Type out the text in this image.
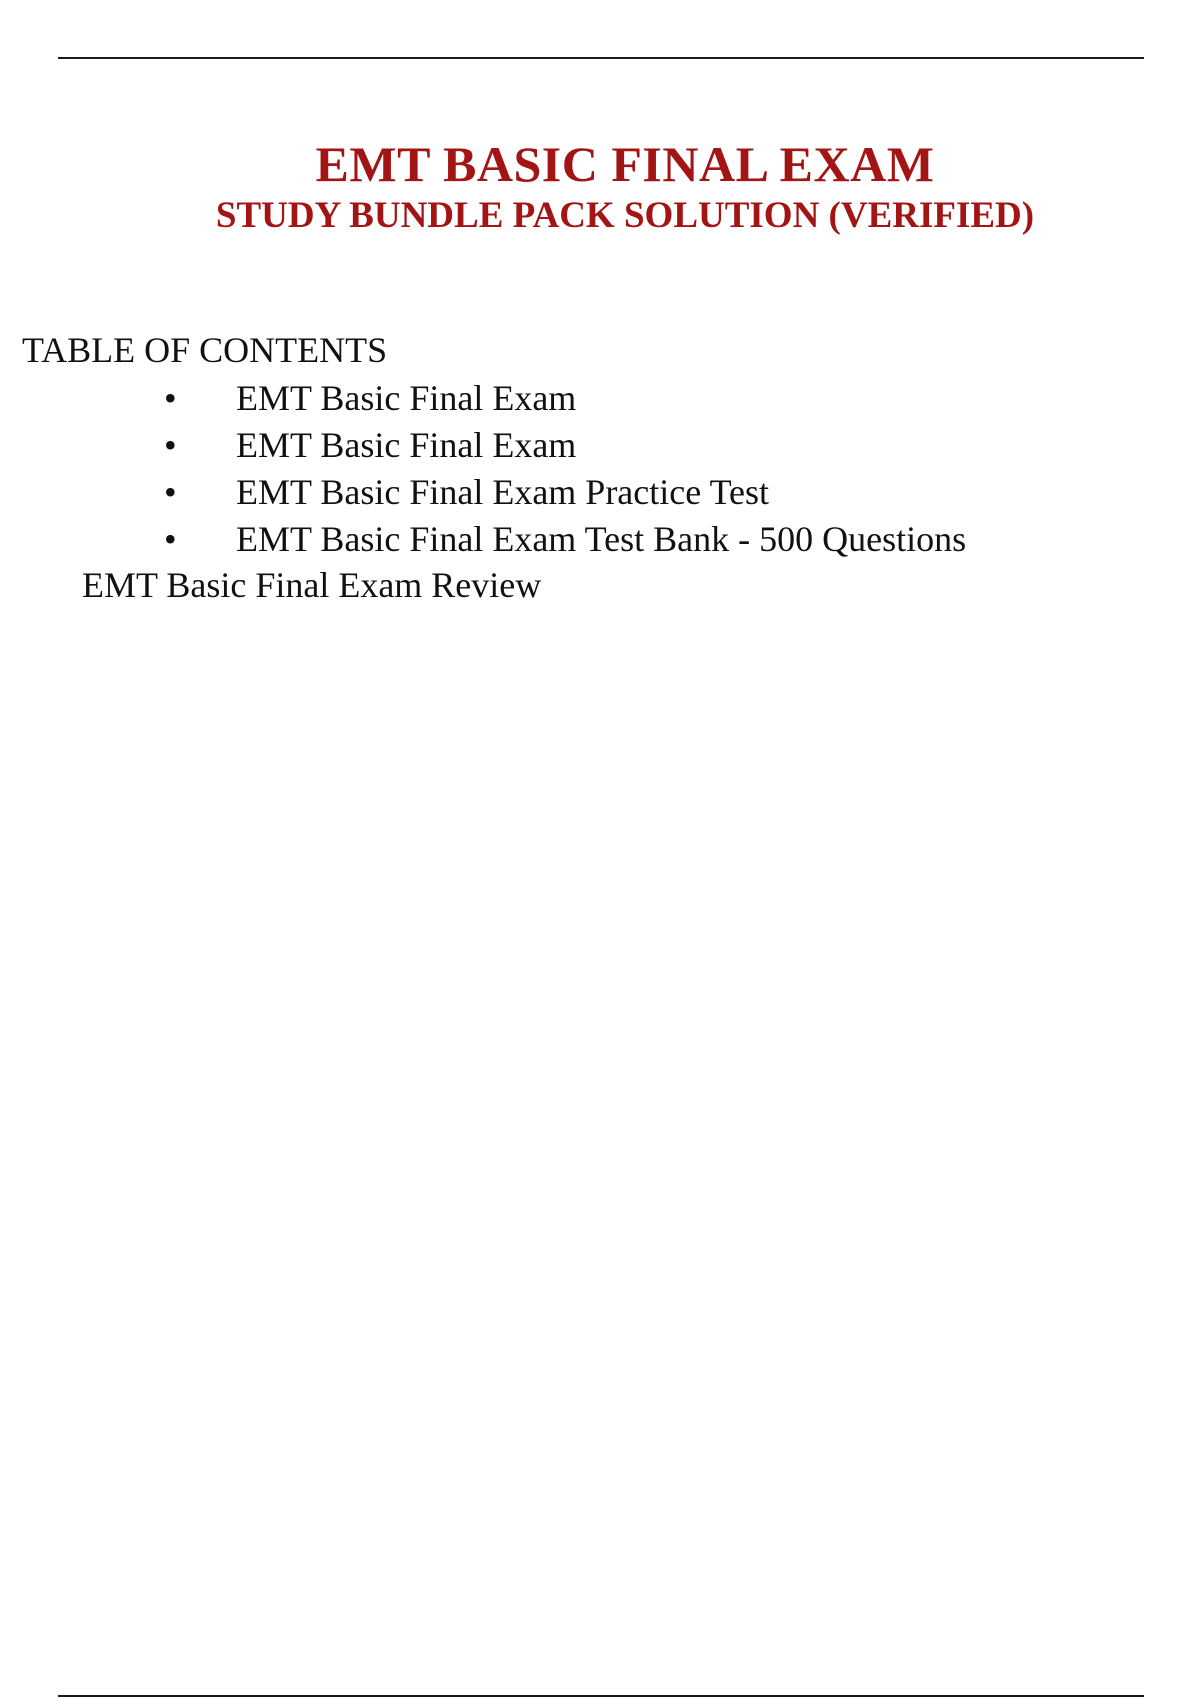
EMT BASIC FINAL EXAM
STUDY BUNDLE PACK SOLUTION (VERIFIED)
TABLE OF CONTENTS
• EMT Basic Final Exam
• EMT Basic Final Exam
• EMT Basic Final Exam Practice Test
• EMT Basic Final Exam Test Bank - 500 Questions
EMT Basic Final Exam Review
